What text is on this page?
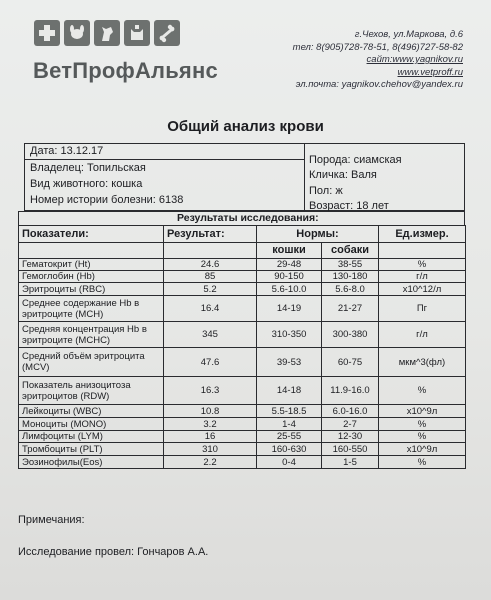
ВетПрофАльянс
г.Чехов, ул.Маркова, д.6
тел: 8(905)728-78-51, 8(496)727-58-82
сайт:www.yagnikov.ru
www.vetproff.ru
эл.почта: yagnikov.chehov@yandex.ru
Общий анализ крови
Дата: 13.12.17
Владелец: Топильская
Вид животного: кошка
Номер истории болезни: 6138
Порода: сиамская
Кличка: Валя
Пол: ж
Возраст: 18 лет
Результаты исследования:
Показатели:	Результат:	Нормы:		Ед.измер.
		кошки	собаки	
Гематокрит (Ht)	24.6	29-48	38-55	%
Гемоглобин (Hb)	85	90-150	130-180	г/л
Эритроциты (RBC)	5.2	5.6-10.0	5.6-8.0	х10^12/л
Среднее содержание Hb в эритроците (MCH)	16.4	14-19	21-27	Пг
Средняя концентрация Hb в эритроците (MCHC)	345	310-350	300-380	г/л
Средний объём эритроцита (MCV)	47.6	39-53	60-75	мкм^3(фл)
Показатель анизоцитоза эритроцитов (RDW)	16.3	14-18	11.9-16.0	%
Лейкоциты (WBC)	10.8	5.5-18.5	6.0-16.0	х10^9л
Моноциты (MONO)	3.2	1-4	2-7	%
Лимфоциты (LYM)	16	25-55	12-30	%
Тромбоциты (PLT)	310	160-630	160-550	х10^9л
Эозинофилы(Eos)	2.2	0-4	1-5	%
Примечания:
Исследование провел: Гончаров А.А.
